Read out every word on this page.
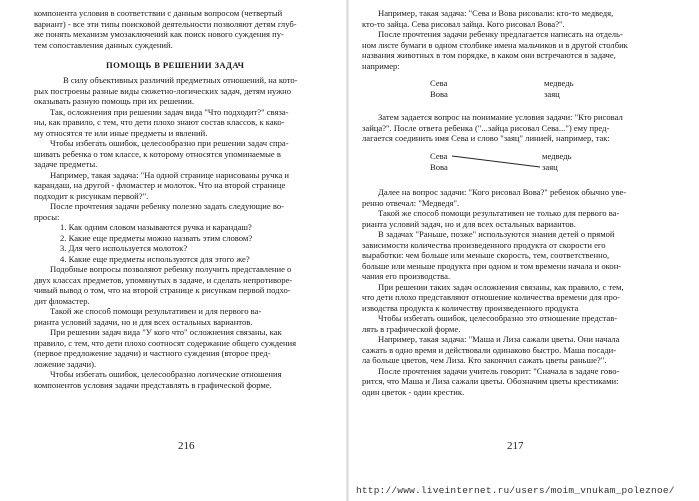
компонента условия в соответствии с данным вопросом (четвертый
вариант) - все эти типы поисковой деятельности позволяют детям глуб-
же понять механизм умозаключений как поиск нового суждения пу-
тем сопоставления данных суждений.
ПОМОЩЬ В РЕШЕНИИ ЗАДАЧ
В силу объективных различий предметных отношений, на кото-
рых построены разные виды сюжетно-логических задач, детям нужно
оказывать разную помощь при их решении.
Так, осложнения при решении задач вида "Что подходит?" связа-
ны, как правило, с тем, что дети плохо знают состав классов, к како-
му относятся те или иные предметы и явлений.
Чтобы избегать ошибок, целесообразно при решении задач спра-
шивать ребенка о том классе, к которому относятся упоминаемые в
задаче предметы.
Например, такая задача: "На одной странице нарисованы ручка и
карандаш, на другой - фломастер и молоток. Что на второй странице
подходит к рисункам первой?".
После прочтения задачи ребенку полезно задать следующие во-
просы:
1. Как одним словом называются ручка и карандаш?
2. Какие еще предметы можно назвать этим словом?
3. Для чего используется молоток?
4. Какие еще предметы используются для этого же?
Подобные вопросы позволяют ребенку получить представление о
двух классах предметов, упомянутых в задаче, и сделать непротиворе-
чивый вывод о том, что на второй странице к рисункам первой подхо-
дит фломастер.
Такой же способ помощи результативен и для первого ва-
рианта условий задачи, но и для всех остальных вариантов.
При решении задач вида "У кого что" осложнения связаны, как
правило, с тем, что дети плохо соотносят содержание общего суждения
(первое предложение задачи) и частного суждения (второе пред-
ложение задачи).
Чтобы избегать ошибок, целесообразно логические отношения
компонентов условия задачи представлять в графической форме.
216
Например, такая задача: "Сева и Вова рисовали: кто-то медведя,
кто-то зайца. Сева рисовал зайца. Кого рисовал Вова?".
После прочтения задачи ребенку предлагается написать на отдель-
ном листе бумаги в одном столбике имена мальчиков и в другой столбик
названия животных в том порядке, в каком они встречаются в задаче,
например:
Сева
Вова
медведь
заяц
Затем задается вопрос на понимание условия задачи: "Кто рисовал
зайца?". После ответа ребенка ("...зайца рисовал Сева...") ему пред-
лагается соединить имя Сева и слово "заяц" линией, например, так:
Сева
Вова
медведь
заяц
Далее на вопрос задачи: "Кого рисовал Вова?" ребенок обычно уве-
ренно отвечал: "Медведя".
Такой же способ помощи результативен не только для первого ва-
рианта условий задач, но и для всех остальных вариантов.
В задачах "Раньше, позже" используются знания детей о прямой
зависимости количества произведенного продукта от скорости его
выработки: чем больше или меньше скорость, тем, соответственно,
больше или меньше продукта при одном и том времени начала и окон-
чания его производства.
При решении таких задач осложнения связаны, как правило, с тем,
что дети плохо представляют отношение количества времени для про-
изводства продукта к количеству произведенного продукта
Чтобы избегать ошибок, целесообразно это отношение представ-
лять в графической форме.
Например, такая задача: "Маша и Лиза сажали цветы. Они начала
сажать в одно время и действовали одинаково быстро. Маша посади-
ла больше цветов, чем Лиза. Кто закончил сажать цветы раньше?".
После прочтения задачи учитель говорит: "Сначала в задаче гово-
рится, что Маша и Лиза сажали цветы. Обозначим цветы крестиками:
один цветок - один крестик.
217
http://www.liveinternet.ru/users/moim_vnukam_poleznoe/
